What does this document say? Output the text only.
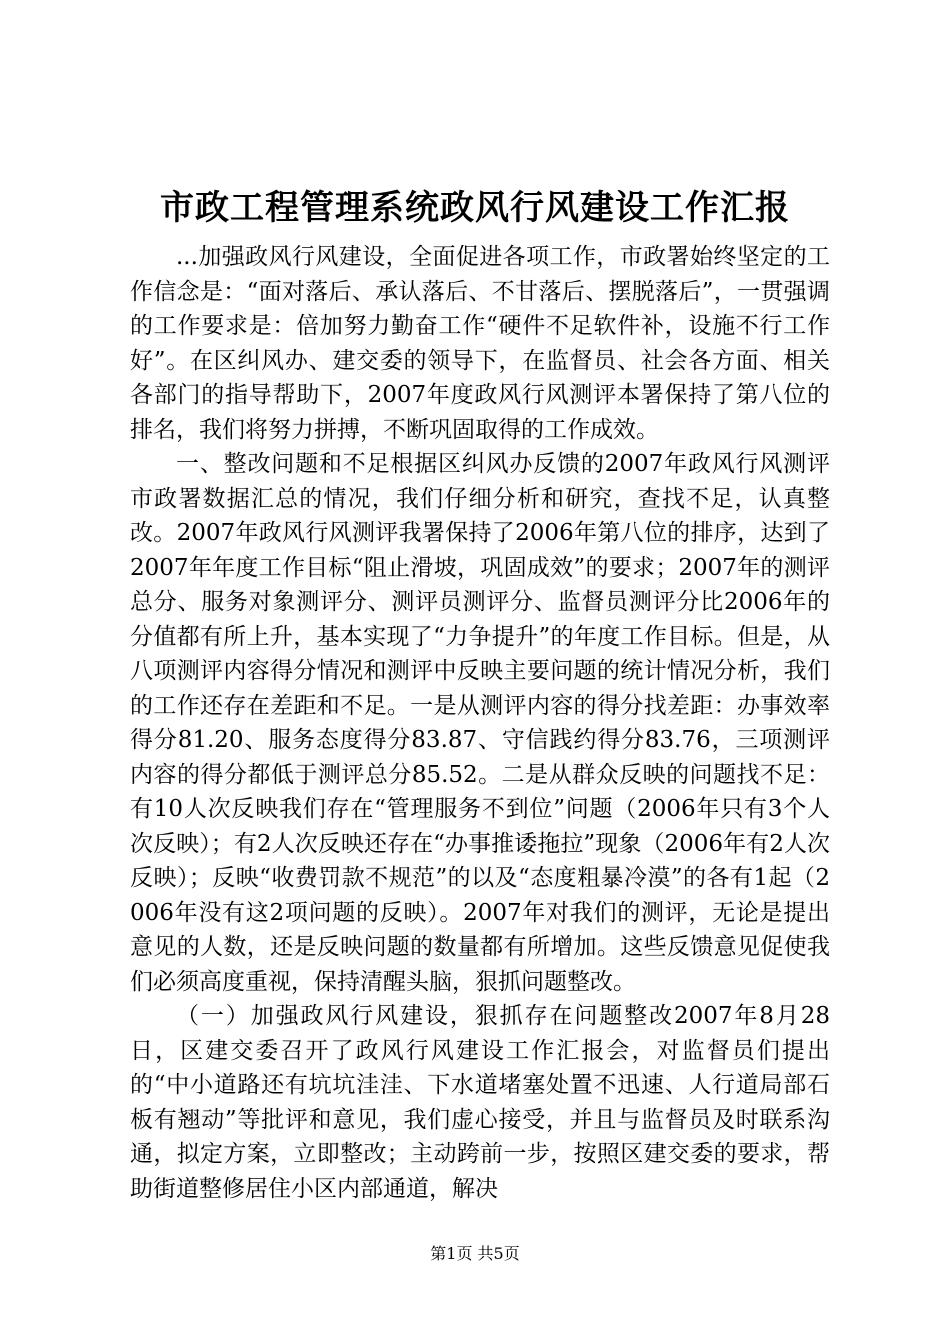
市政工程管理系统政风行风建设工作汇报

...加强政风行风建设，全面促进各项工作，市政署始终坚定的工作信念是：“面对落后、承认落后、不甘落后、摆脱落后”，一贯强调的工作要求是：倍加努力勤奋工作“硬件不足软件补，设施不行工作好”。在区纠风办、建交委的领导下，在监督员、社会各方面、相关各部门的指导帮助下，2007年度政风行风测评本署保持了第八位的排名，我们将努力拼搏，不断巩固取得的工作成效。

一、整改问题和不足根据区纠风办反馈的2007年政风行风测评市政署数据汇总的情况，我们仔细分析和研究，查找不足，认真整改。2007年政风行风测评我署保持了2006年第八位的排序，达到了2007年年度工作目标“阻止滑坡，巩固成效”的要求；2007年的测评总分、服务对象测评分、测评员测评分、监督员测评分比2006年的分值都有所上升，基本实现了“力争提升”的年度工作目标。但是，从八项测评内容得分情况和测评中反映主要问题的统计情况分析，我们的工作还存在差距和不足。一是从测评内容的得分找差距：办事效率得分81.20、服务态度得分83.87、守信践约得分83.76，三项测评内容的得分都低于测评总分85.52。二是从群众反映的问题找不足：有10人次反映我们存在“管理服务不到位”问题（2006年只有3个人次反映）；有2人次反映还存在“办事推诿拖拉”现象（2006年有2人次反映）；反映“收费罚款不规范”的以及“态度粗暴冷漠”的各有1起（2006年没有这2项问题的反映）。2007年对我们的测评，无论是提出意见的人数，还是反映问题的数量都有所增加。这些反馈意见促使我们必须高度重视，保持清醒头脑，狠抓问题整改。

（一）加强政风行风建设，狠抓存在问题整改2007年8月28日，区建交委召开了政风行风建设工作汇报会，对监督员们提出的“中小道路还有坑坑洼洼、下水道堵塞处置不迅速、人行道局部石板有翘动”等批评和意见，我们虚心接受，并且与监督员及时联系沟通，拟定方案，立即整改；主动跨前一步，按照区建交委的要求，帮助街道整修居住小区内部通道，解决

第1页 共5页
